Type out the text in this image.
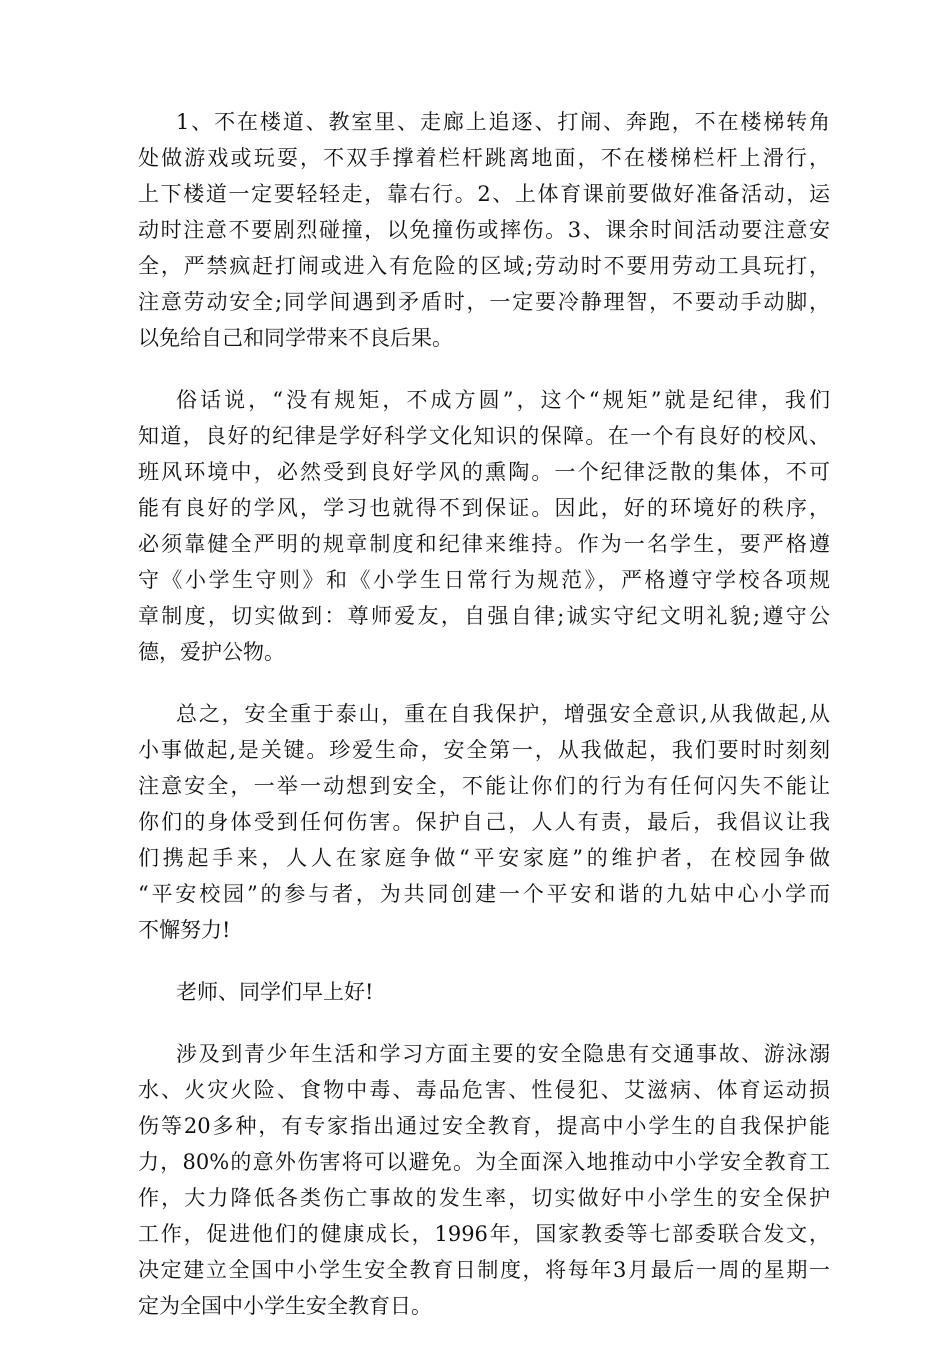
1、不在楼道、教室里、走廊上追逐、打闹、奔跑，不在楼梯转角
处做游戏或玩耍，不双手撑着栏杆跳离地面，不在楼梯栏杆上滑行，
上下楼道一定要轻轻走，靠右行。2、上体育课前要做好准备活动，运
动时注意不要剧烈碰撞，以免撞伤或摔伤。3、课余时间活动要注意安
全，严禁疯赶打闹或进入有危险的区域;劳动时不要用劳动工具玩打，
注意劳动安全;同学间遇到矛盾时，一定要冷静理智，不要动手动脚，
以免给自己和同学带来不良后果。
俗话说，“没有规矩，不成方圆”，这个“规矩”就是纪律，我们
知道，良好的纪律是学好科学文化知识的保障。在一个有良好的校风、
班风环境中，必然受到良好学风的熏陶。一个纪律泛散的集体，不可
能有良好的学风，学习也就得不到保证。因此，好的环境好的秩序，
必须靠健全严明的规章制度和纪律来维持。作为一名学生，要严格遵
守《小学生守则》和《小学生日常行为规范》，严格遵守学校各项规
章制度，切实做到：尊师爱友，自强自律;诚实守纪文明礼貌;遵守公
德，爱护公物。
总之，安全重于泰山，重在自我保护，增强安全意识,从我做起,从
小事做起,是关键。珍爱生命，安全第一，从我做起，我们要时时刻刻
注意安全，一举一动想到安全，不能让你们的行为有任何闪失不能让
你们的身体受到任何伤害。保护自己，人人有责，最后，我倡议让我
们携起手来，人人在家庭争做“平安家庭”的维护者，在校园争做
“平安校园”的参与者，为共同创建一个平安和谐的九姑中心小学而
不懈努力!
老师、同学们早上好!
涉及到青少年生活和学习方面主要的安全隐患有交通事故、游泳溺
水、火灾火险、食物中毒、毒品危害、性侵犯、艾滋病、体育运动损
伤等20多种，有专家指出通过安全教育，提高中小学生的自我保护能
力，80%的意外伤害将可以避免。为全面深入地推动中小学安全教育工
作，大力降低各类伤亡事故的发生率，切实做好中小学生的安全保护
工作，促进他们的健康成长，1996年，国家教委等七部委联合发文，
决定建立全国中小学生安全教育日制度，将每年3月最后一周的星期一
定为全国中小学生安全教育日。
